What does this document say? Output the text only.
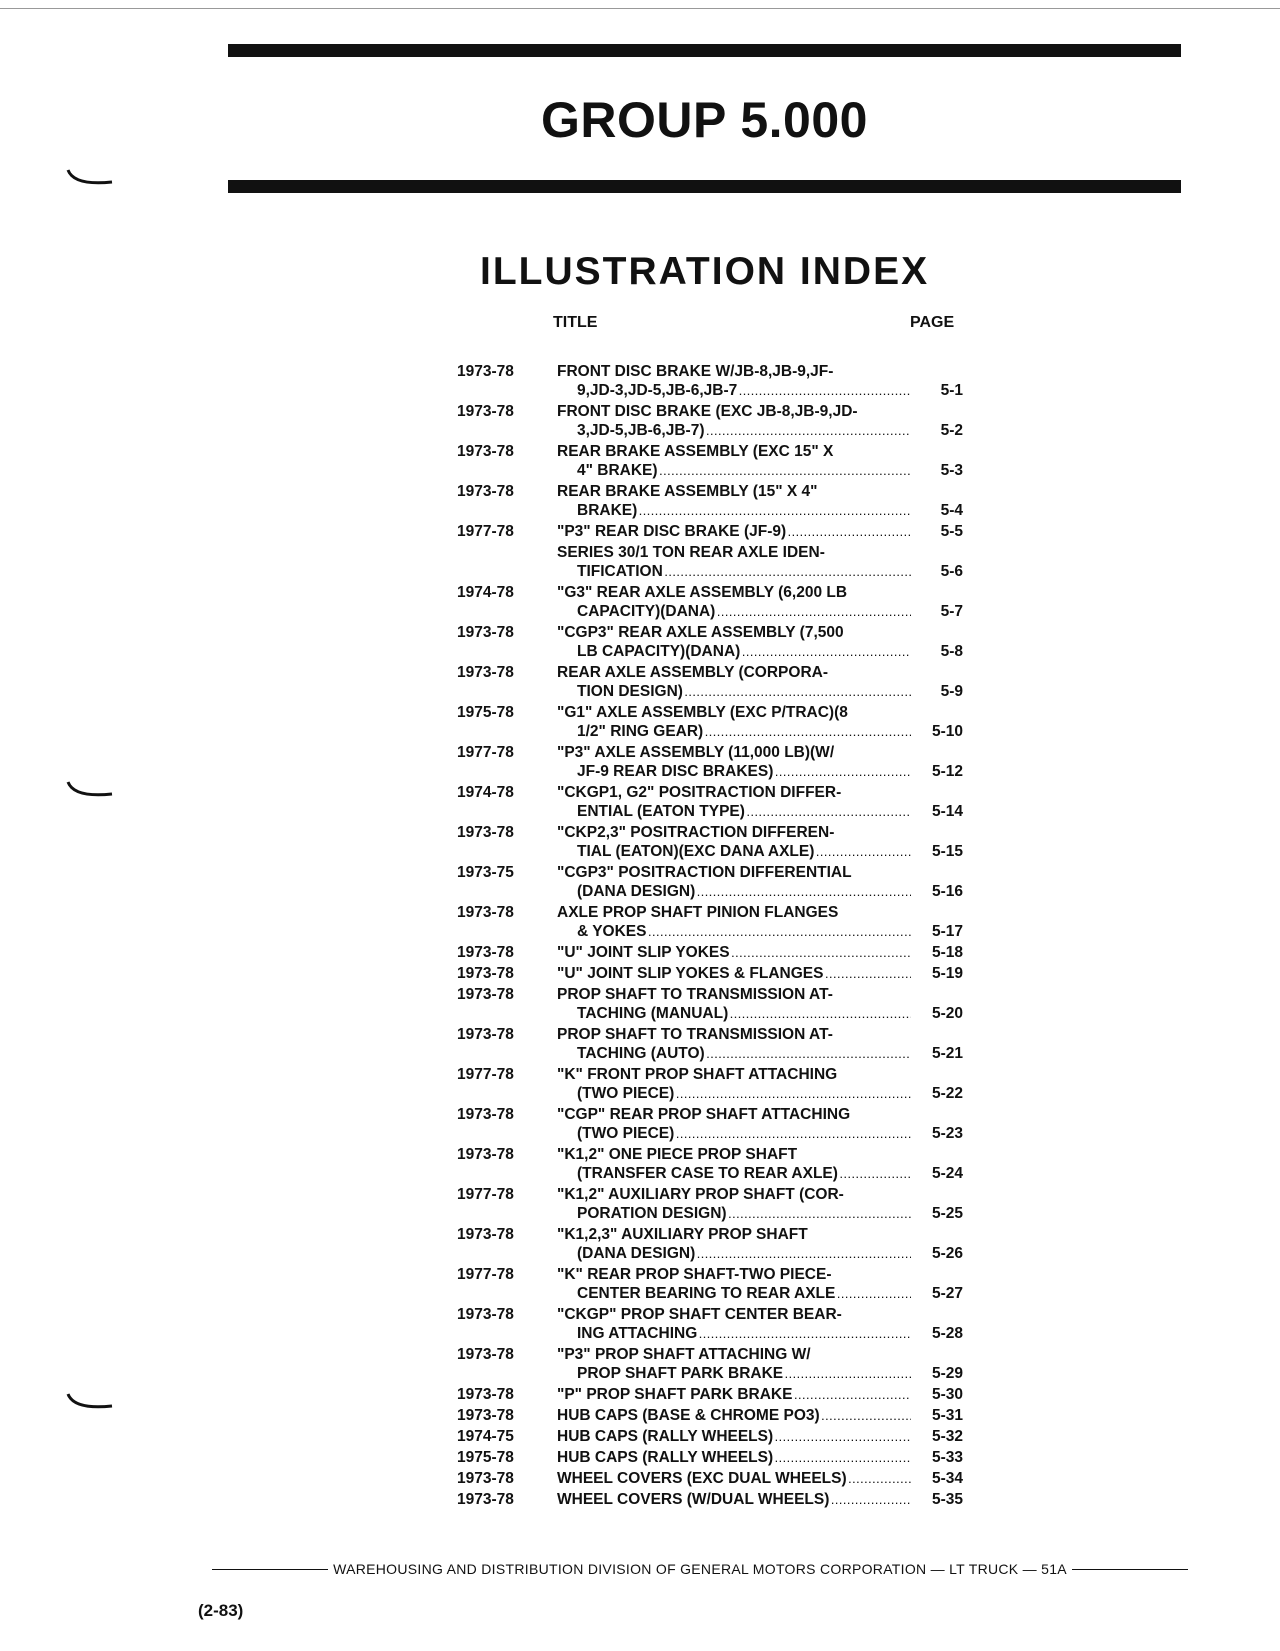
GROUP 5.000
ILLUSTRATION INDEX
TITLE	PAGE
1973-78	FRONT DISC BRAKE W/JB-8,JB-9,JF-
9,JD-3,JD-5,JB-6,JB-7 . . .	5-1
1973-78	FRONT DISC BRAKE (EXC JB-8,JB-9,JD-
3,JD-5,JB-6,JB-7) . . .	5-2
1973-78	REAR BRAKE ASSEMBLY (EXC 15" X
4" BRAKE) . . .	5-3
1973-78	REAR BRAKE ASSEMBLY (15" X 4"
BRAKE) . . .	5-4
1977-78	"P3" REAR DISC BRAKE (JF-9) . . .	5-5
SERIES 30/1 TON REAR AXLE IDEN-
TIFICATION . . .	5-6
1974-78	"G3" REAR AXLE ASSEMBLY (6,200 LB
CAPACITY)(DANA) . . .	5-7
1973-78	"CGP3" REAR AXLE ASSEMBLY (7,500
LB CAPACITY)(DANA) . . .	5-8
1973-78	REAR AXLE ASSEMBLY (CORPORA-
TION DESIGN) . . .	5-9
1975-78	"G1" AXLE ASSEMBLY (EXC P/TRAC)(8
1/2" RING GEAR) . . .	5-10
1977-78	"P3" AXLE ASSEMBLY (11,000 LB)(W/
JF-9 REAR DISC BRAKES) . . .	5-12
1974-78	"CKGP1, G2" POSITRACTION DIFFER-
ENTIAL (EATON TYPE) . . .	5-14
1973-78	"CKP2,3" POSITRACTION DIFFEREN-
TIAL (EATON)(EXC DANA AXLE) . . .	5-15
1973-75	"CGP3" POSITRACTION DIFFERENTIAL
(DANA DESIGN) . . .	5-16
1973-78	AXLE PROP SHAFT PINION FLANGES
& YOKES . . .	5-17
1973-78	"U" JOINT SLIP YOKES . . .	5-18
1973-78	"U" JOINT SLIP YOKES & FLANGES . . .	5-19
1973-78	PROP SHAFT TO TRANSMISSION AT-
TACHING (MANUAL) . . .	5-20
1973-78	PROP SHAFT TO TRANSMISSION AT-
TACHING (AUTO) . . .	5-21
1977-78	"K" FRONT PROP SHAFT ATTACHING
(TWO PIECE) . . .	5-22
1973-78	"CGP" REAR PROP SHAFT ATTACHING
(TWO PIECE) . . .	5-23
1973-78	"K1,2" ONE PIECE PROP SHAFT
(TRANSFER CASE TO REAR AXLE) . . .	5-24
1977-78	"K1,2" AUXILIARY PROP SHAFT (COR-
PORATION DESIGN) . . .	5-25
1973-78	"K1,2,3" AUXILIARY PROP SHAFT
(DANA DESIGN) . . .	5-26
1977-78	"K" REAR PROP SHAFT-TWO PIECE-
CENTER BEARING TO REAR AXLE . . .	5-27
1973-78	"CKGP" PROP SHAFT CENTER BEAR-
ING ATTACHING . . .	5-28
1973-78	"P3" PROP SHAFT ATTACHING W/
PROP SHAFT PARK BRAKE . . .	5-29
1973-78	"P" PROP SHAFT PARK BRAKE . . .	5-30
1973-78	HUB CAPS (BASE & CHROME PO3) . . .	5-31
1974-75	HUB CAPS (RALLY WHEELS) . . .	5-32
1975-78	HUB CAPS (RALLY WHEELS) . . .	5-33
1973-78	WHEEL COVERS (EXC DUAL WHEELS) . . .	5-34
1973-78	WHEEL COVERS (W/DUAL WHEELS) . . .	5-35
WAREHOUSING AND DISTRIBUTION DIVISION OF GENERAL MOTORS CORPORATION — LT TRUCK — 51A
(2-83)
